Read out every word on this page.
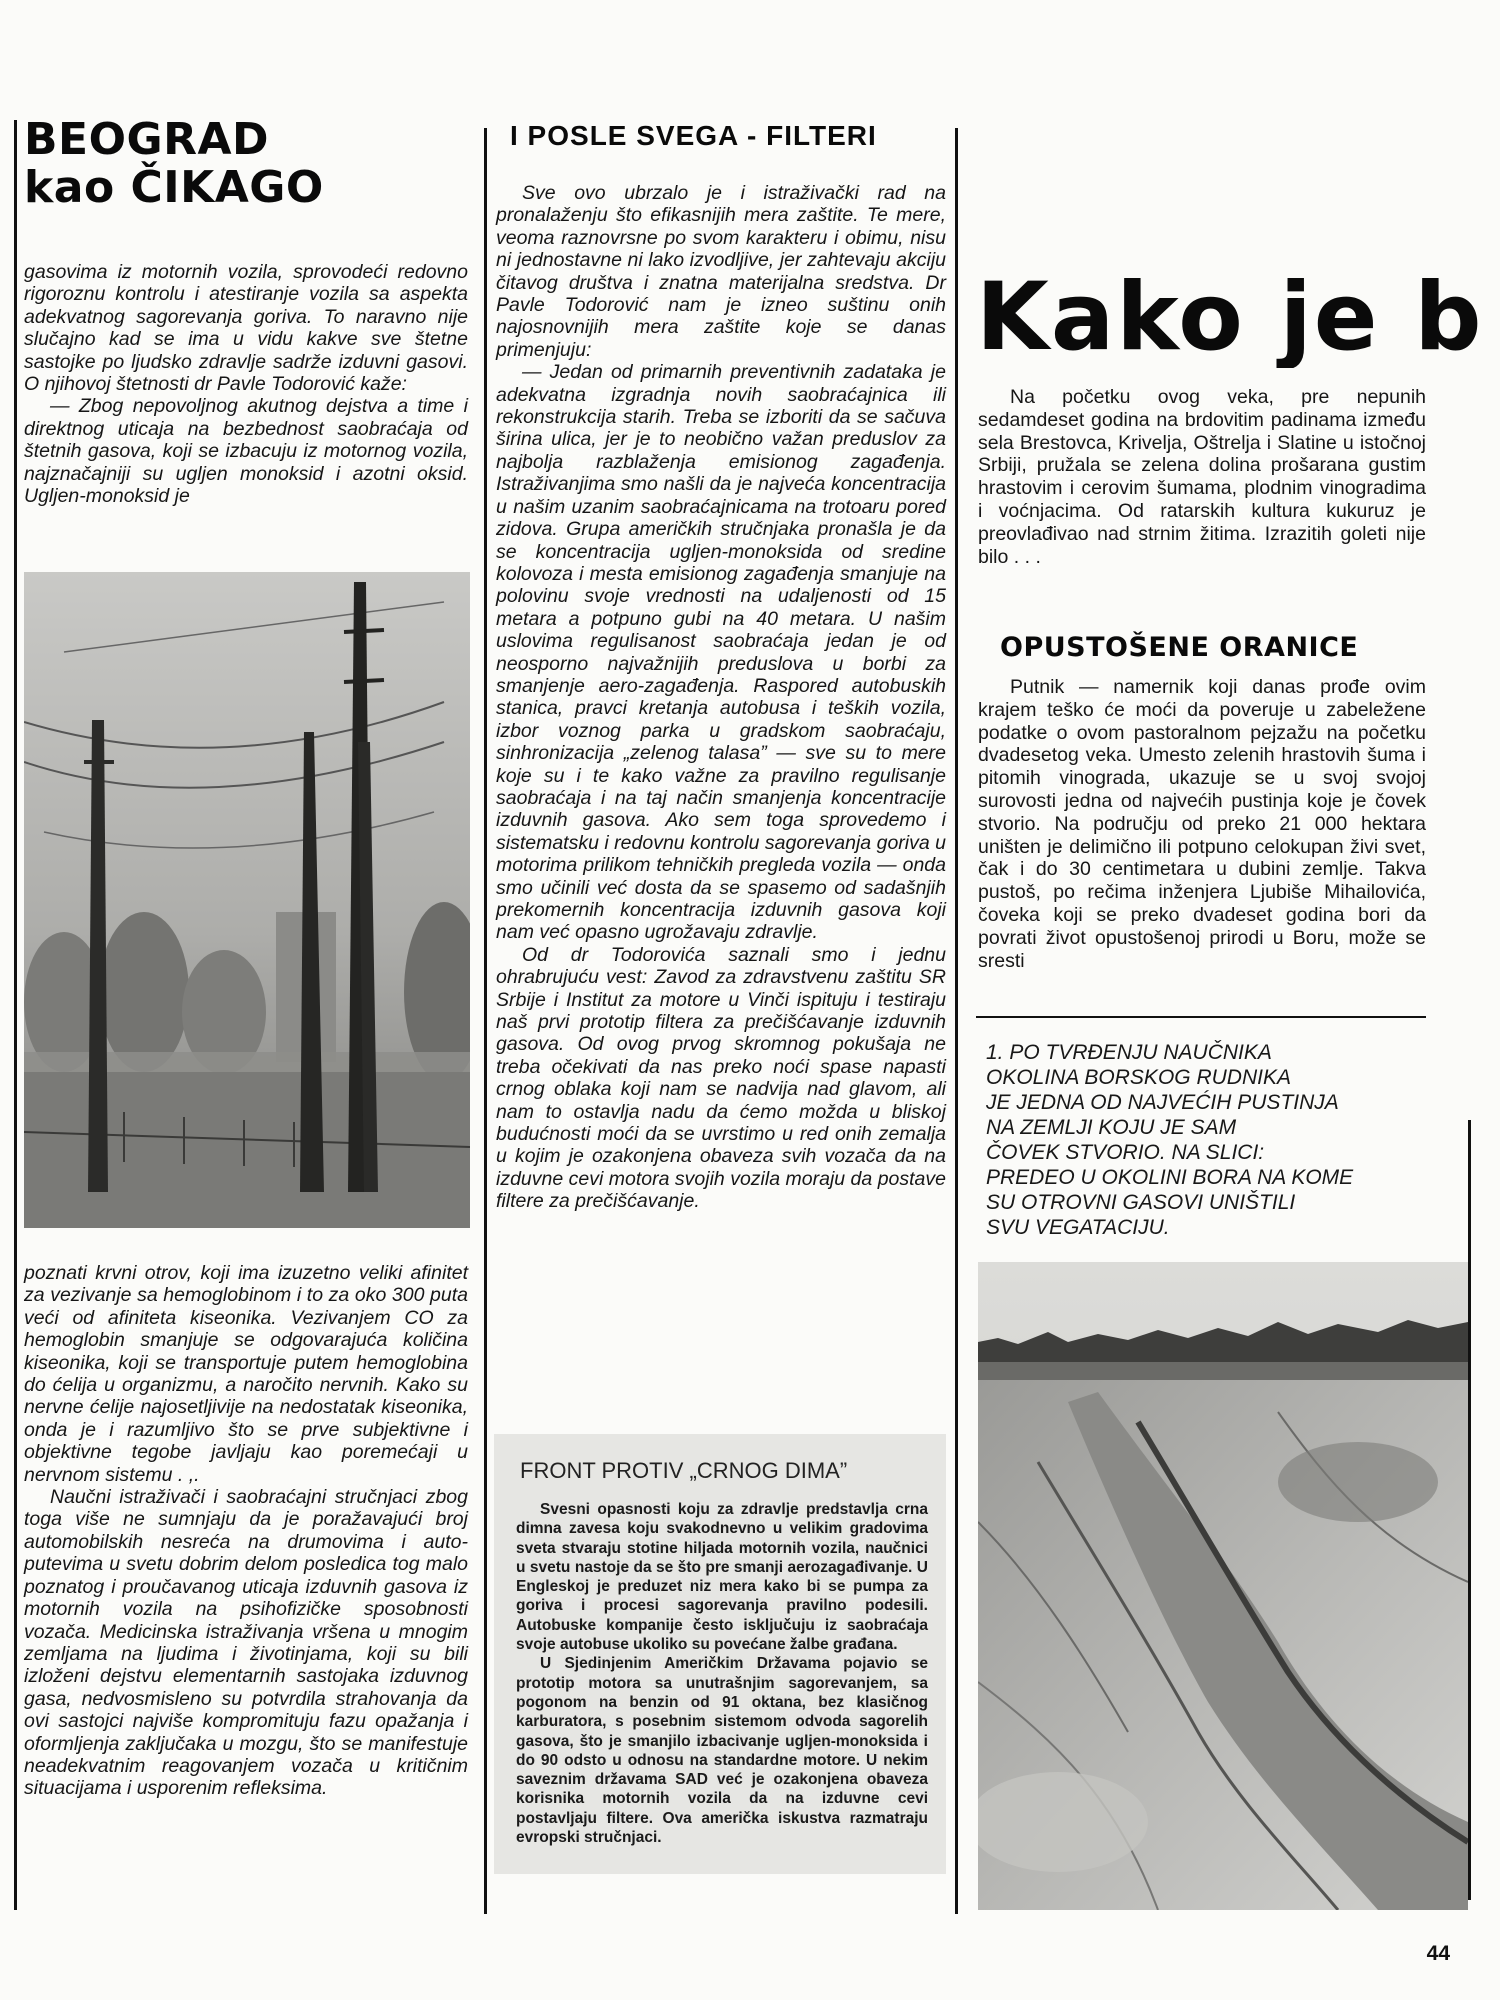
BEOGRAD
kao ČIKAGO

gasovima iz motornih vozila, sprovodeći redovno rigoroznu kontrolu i atestiranje vozila sa aspekta adekvatnog sagorevanja goriva. To naravno nije slučajno kad se ima u vidu kakve sve štetne sastojke po ljudsko zdravlje sadrže izduvni gasovi. O njihovoj štetnosti dr Pavle Todorović kaže:

— Zbog nepovoljnog akutnog dejstva a time i direktnog uticaja na bezbednost saobraćaja od štetnih gasova, koji se izbacuju iz motornog vozila, najznačajniji su ugljen monoksid i azotni oksid. Ugljen-monoksid je

poznati krvni otrov, koji ima izuzetno veliki afinitet za vezivanje sa hemoglobinom i to za oko 300 puta veći od afiniteta kiseonika. Vezivanjem CO za hemoglobin smanjuje se odgovarajuća količina kiseonika, koji se transportuje putem hemoglobina do ćelija u organizmu, a naročito nervnih. Kako su nervne ćelije najosetljivije na nedostatak kiseonika, onda je i razumljivo što se prve subjektivne i objektivne tegobe javljaju kao poremećaji u nervnom sistemu . ,.

Naučni istraživači i saobraćajni stručnjaci zbog toga više ne sumnjaju da je poražavajući broj automobilskih nesreća na drumovima i auto-putevima u svetu dobrim delom posledica tog malo poznatog i proučavanog uticaja izduvnih gasova iz motornih vozila na psihofizičke sposobnosti vozača. Medicinska istraživanja vršena u mnogim zemljama na ljudima i životinjama, koji su bili izloženi dejstvu elementarnih sastojaka izduvnog gasa, nedvosmisleno su potvrdila strahovanja da ovi sastojci najviše kompromituju fazu opažanja i oformljenja zaključaka u mozgu, što se manifestuje neadekvatnim reagovanjem vozača u kritičnim situacijama i usporenim refleksima.

I POSLE SVEGA - FILTERI

Sve ovo ubrzalo je i istraživački rad na pronalaženju što efikasnijih mera zaštite. Te mere, veoma raznovrsne po svom karakteru i obimu, nisu ni jednostavne ni lako izvodljive, jer zahtevaju akciju čitavog društva i znatna materijalna sredstva. Dr Pavle Todorović nam je izneo suštinu onih najosnovnijih mera zaštite koje se danas primenjuju:

— Jedan od primarnih preventivnih zadataka je adekvatna izgradnja novih saobraćajnica ili rekonstrukcija starih. Treba se izboriti da se sačuva širina ulica, jer je to neobično važan preduslov za najbolja razblaženja emisionog zagađenja. Istraživanjima smo našli da je najveća koncentracija u našim uzanim saobraćajnicama na trotoaru pored zidova. Grupa američkih stručnjaka pronašla je da se koncentracija ugljen-monoksida od sredine kolovoza i mesta emisionog zagađenja smanjuje na polovinu svoje vrednosti na udaljenosti od 15 metara a potpuno gubi na 40 metara. U našim uslovima regulisanost saobraćaja jedan je od neosporno najvažnijih preduslova u borbi za smanjenje aero-zagađenja. Raspored autobuskih stanica, pravci kretanja autobusa i teških vozila, izbor voznog parka u gradskom saobraćaju, sinhronizacija „zelenog talasa” — sve su to mere koje su i te kako važne za pravilno regulisanje saobraćaja i na taj način smanjenja koncentracije izduvnih gasova. Ako sem toga sprovedemo i sistematsku i redovnu kontrolu sagorevanja goriva u motorima prilikom tehničkih pregleda vozila — onda smo učinili već dosta da se spasemo od sadašnjih prekomernih koncentracija izduvnih gasova koji nam već opasno ugrožavaju zdravlje.

Od dr Todorovića saznali smo i jednu ohrabrujuću vest: Zavod za zdravstvenu zaštitu SR Srbije i Institut za motore u Vinči ispituju i testiraju naš prvi prototip filtera za prečišćavanje izduvnih gasova. Od ovog prvog skromnog pokušaja ne treba očekivati da nas preko noći spase napasti crnog oblaka koji nam se nadvija nad glavom, ali nam to ostavlja nadu da ćemo možda u bliskoj budućnosti moći da se uvrstimo u red onih zemalja u kojim je ozakonjena obaveza svih vozača da na izduvne cevi motora svojih vozila moraju da postave filtere za prečišćavanje.

FRONT PROTIV „CRNOG DIMA”

Svesni opasnosti koju za zdravlje predstavlja crna dimna zavesa koju svakodnevno u velikim gradovima sveta stvaraju stotine hiljada motornih vozila, naučnici u svetu nastoje da se što pre smanji aerozagađivanje. U Engleskoj je preduzet niz mera kako bi se pumpa za goriva i procesi sagorevanja pravilno podesili. Autobuske kompanije često isključuju iz saobraćaja svoje autobuse ukoliko su povećane žalbe građana.

U Sjedinjenim Američkim Državama pojavio se prototip motora sa unutrašnjim sagorevanjem, sa pogonom na benzin od 91 oktana, bez klasičnog karburatora, s posebnim sistemom odvoda sagorelih gasova, što je smanjilo izbacivanje ugljen-monoksida i do 90 odsto u odnosu na standardne motore. U nekim saveznim državama SAD već je ozakonjena obaveza korisnika motornih vozila da na izduvne cevi postavljaju filtere. Ova američka iskustva razmatraju evropski stručnjaci.

Kako je b

Na početku ovog veka, pre nepunih sedamdeset godina na brdovitim padinama između sela Brestovca, Krivelja, Oštrelja i Slatine u istočnoj Srbiji, pružala se zelena dolina prošarana gustim hrastovim i cerovim šumama, plodnim vinogradima i voćnjacima. Od ratarskih kultura kukuruz je preovlađivao nad strnim žitima. Izrazitih goleti nije bilo . . .

OPUSTOŠENE ORANICE

Putnik — namernik koji danas prođe ovim krajem teško će moći da poveruje u zabeležene podatke o ovom pastoralnom pejzažu na početku dvadesetog veka. Umesto zelenih hrastovih šuma i pitomih vinograda, ukazuje se u svoj svojoj surovosti jedna od najvećih pustinja koje je čovek stvorio. Na području od preko 21 000 hektara uništen je delimično ili potpuno celokupan živi svet, čak i do 30 centimetara u dubini zemlje. Takva pustoš, po rečima inženjera Ljubiše Mihailovića, čoveka koji se preko dvadeset godina bori da povrati život opustošenoj prirodi u Boru, može se sresti

1. PO TVRĐENJU NAUČNIKA
OKOLINA BORSKOG RUDNIKA
JE JEDNA OD NAJVEĆIH PUSTINJA
NA ZEMLJI KOJU JE SAM
ČOVEK STVORIO. NA SLICI:
PREDEO U OKOLINI BORA NA KOME
SU OTROVNI GASOVI UNIŠTILI
SVU VEGATACIJU.
44
